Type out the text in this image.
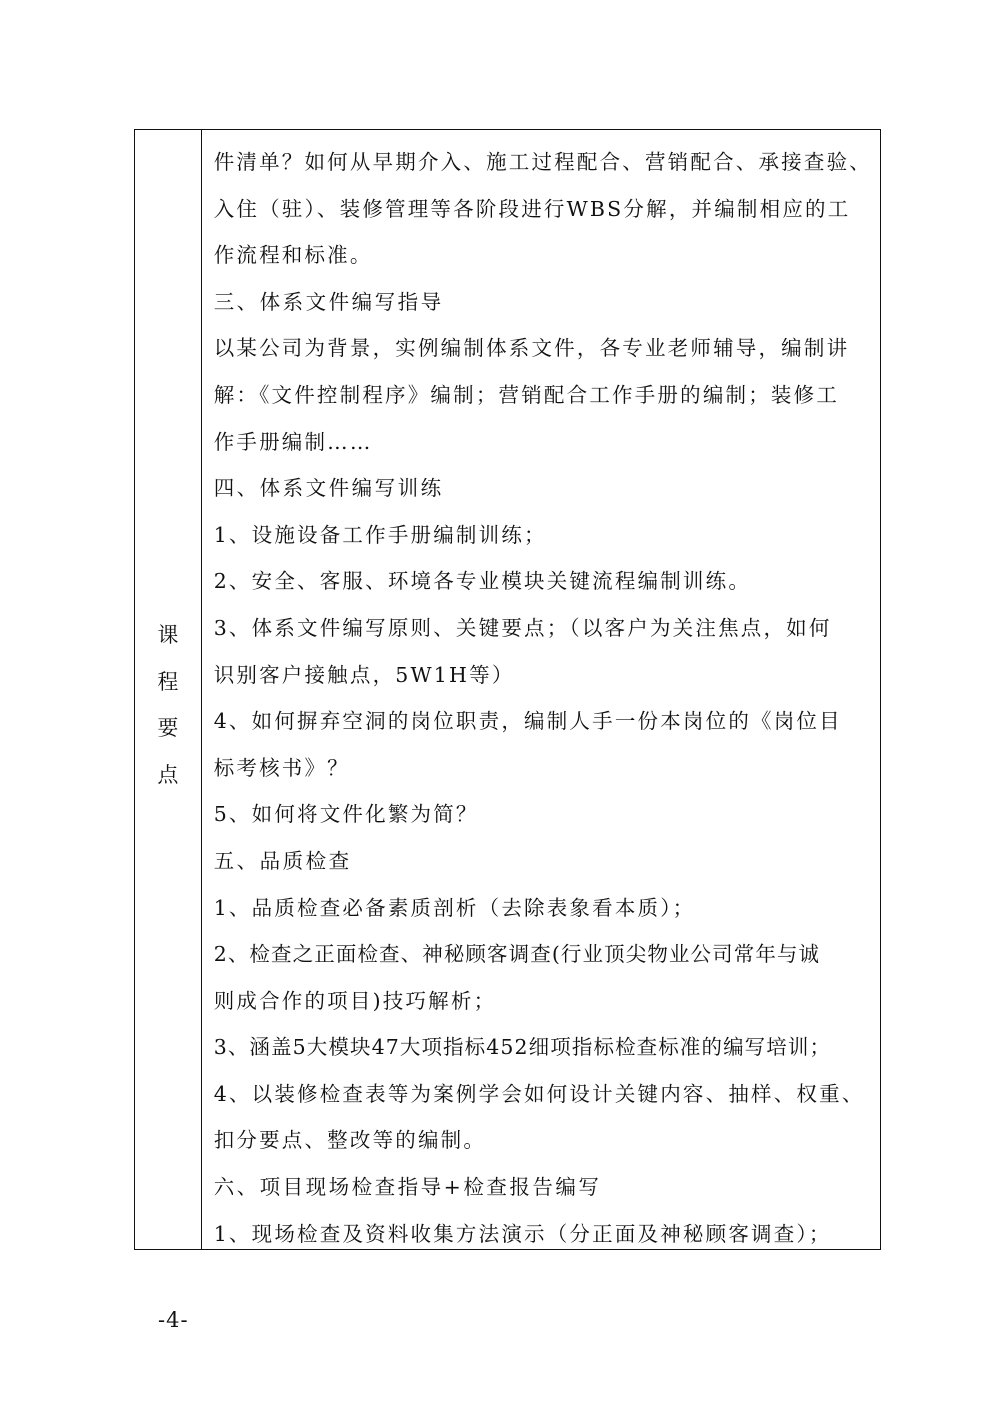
课
程
要
点
件清单？如何从早期介入、施工过程配合、营销配合、承接查验、
入住（驻）、装修管理等各阶段进行WBS分解，并编制相应的工
作流程和标准。
三、体系文件编写指导
以某公司为背景，实例编制体系文件，各专业老师辅导，编制讲
解：《文件控制程序》编制；营销配合工作手册的编制；装修工
作手册编制……
四、体系文件编写训练
1、设施设备工作手册编制训练；
2、安全、客服、环境各专业模块关键流程编制训练。
3、体系文件编写原则、关键要点；（以客户为关注焦点，如何
识别客户接触点，5W1H等）
4、如何摒弃空洞的岗位职责，编制人手一份本岗位的《岗位目
标考核书》？
5、如何将文件化繁为简？
五、品质检查
1、品质检查必备素质剖析（去除表象看本质）；
2、检查之正面检查、神秘顾客调查(行业顶尖物业公司常年与诚
则成合作的项目)技巧解析；
3、涵盖5大模块47大项指标452细项指标检查标准的编写培训；
4、以装修检查表等为案例学会如何设计关键内容、抽样、权重、
扣分要点、整改等的编制。
六、项目现场检查指导+检查报告编写
1、现场检查及资料收集方法演示（分正面及神秘顾客调查）；
-4-
